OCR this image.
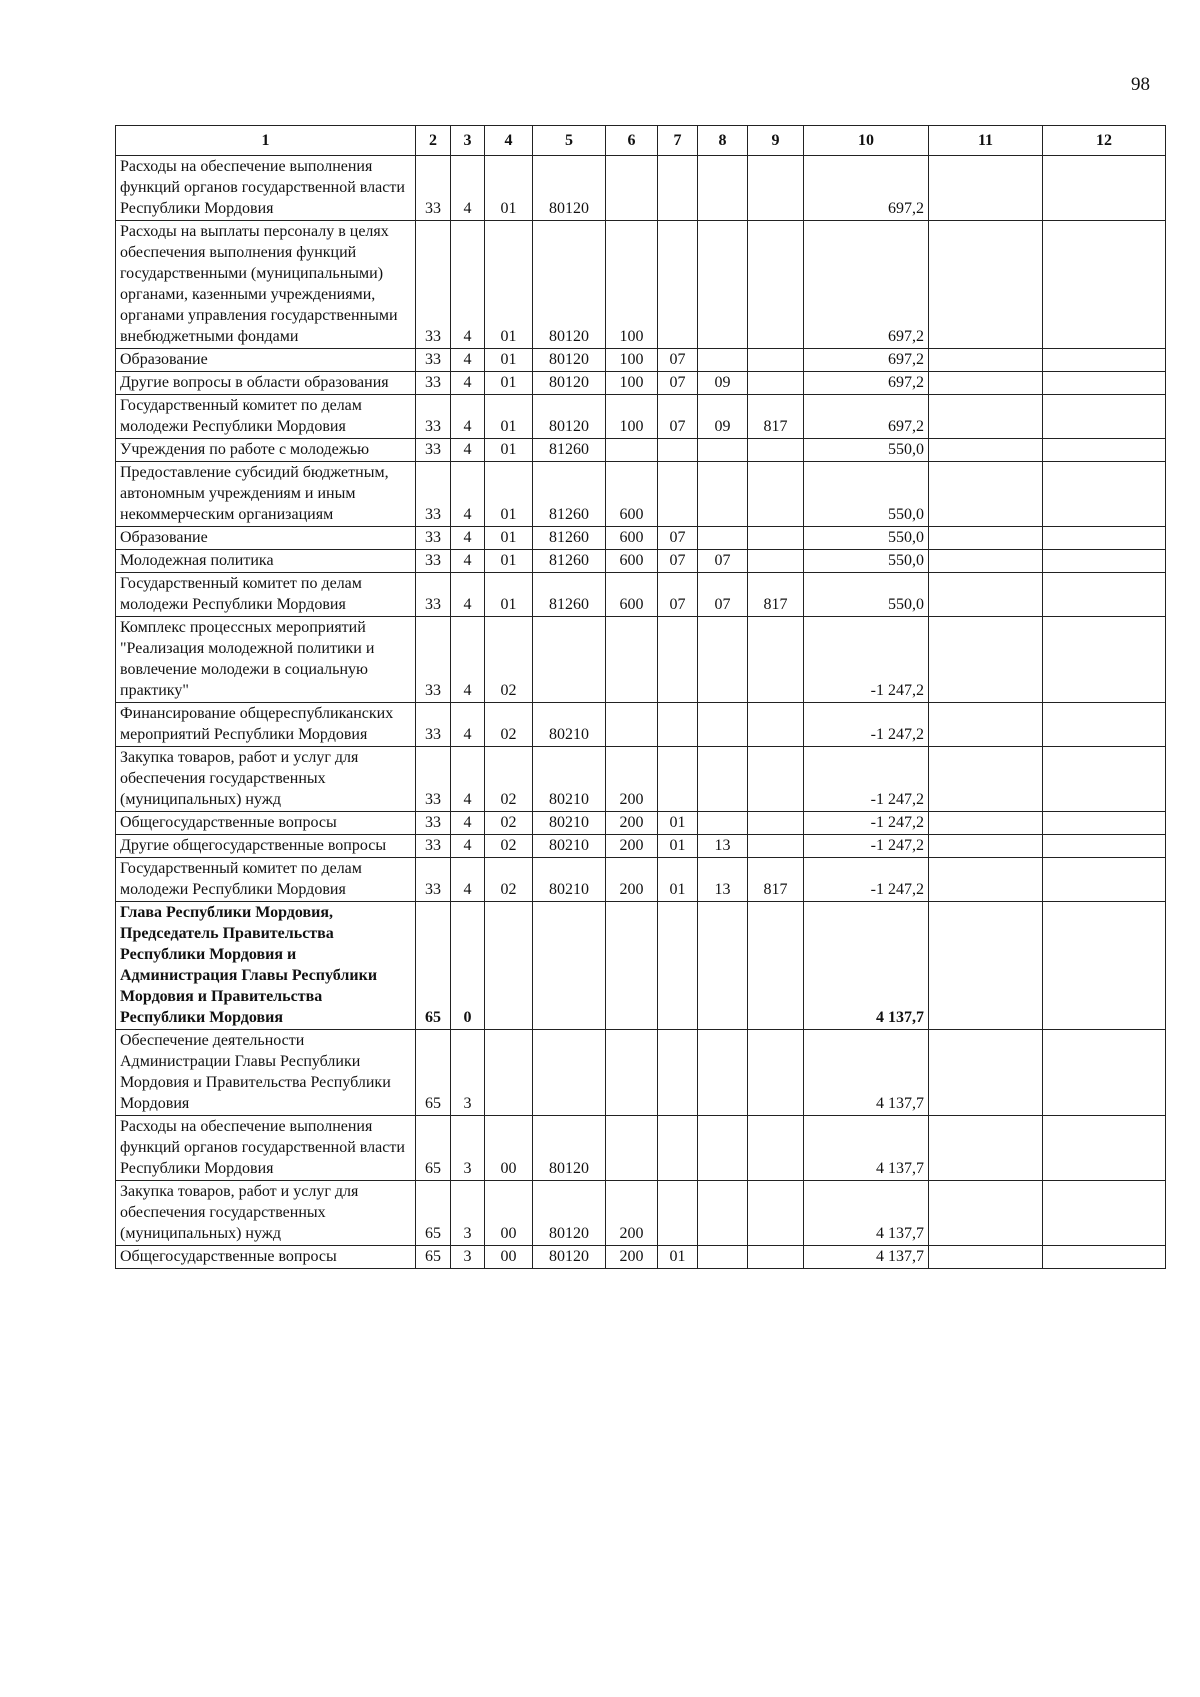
98
1	2	3	4	5	6	7	8	9	10	11	12
Расходы на обеспечение выполнения функций органов государственной власти Республики Мордовия	33	4	01	80120					697,2		
Расходы на выплаты персоналу в целях обеспечения выполнения функций государственными (муниципальными) органами, казенными учреждениями, органами управления государственными внебюджетными фондами	33	4	01	80120	100				697,2		
Образование	33	4	01	80120	100	07			697,2		
Другие вопросы в области образования	33	4	01	80120	100	07	09		697,2		
Государственный комитет по делам молодежи Республики Мордовия	33	4	01	80120	100	07	09	817	697,2		
Учреждения по работе с молодежью	33	4	01	81260					550,0		
Предоставление субсидий бюджетным, автономным учреждениям и иным некоммерческим организациям	33	4	01	81260	600				550,0		
Образование	33	4	01	81260	600	07			550,0		
Молодежная политика	33	4	01	81260	600	07	07		550,0		
Государственный комитет по делам молодежи Республики Мордовия	33	4	01	81260	600	07	07	817	550,0		
Комплекс процессных мероприятий "Реализация молодежной политики и вовлечение молодежи в социальную практику"	33	4	02						-1 247,2		
Финансирование общереспубликанских мероприятий Республики Мордовия	33	4	02	80210					-1 247,2		
Закупка товаров, работ и услуг для обеспечения государственных (муниципальных) нужд	33	4	02	80210	200				-1 247,2		
Общегосударственные вопросы	33	4	02	80210	200	01			-1 247,2		
Другие общегосударственные вопросы	33	4	02	80210	200	01	13		-1 247,2		
Государственный комитет по делам молодежи Республики Мордовия	33	4	02	80210	200	01	13	817	-1 247,2		
Глава Республики Мордовия, Председатель Правительства Республики Мордовия и Администрация Главы Республики Мордовия и Правительства Республики Мордовия	65	0							4 137,7		
Обеспечение деятельности Администрации Главы Республики Мордовия и Правительства Республики Мордовия	65	3							4 137,7		
Расходы на обеспечение выполнения функций органов государственной власти Республики Мордовия	65	3	00	80120					4 137,7		
Закупка товаров, работ и услуг для обеспечения государственных (муниципальных) нужд	65	3	00	80120	200				4 137,7		
Общегосударственные вопросы	65	3	00	80120	200	01			4 137,7		
